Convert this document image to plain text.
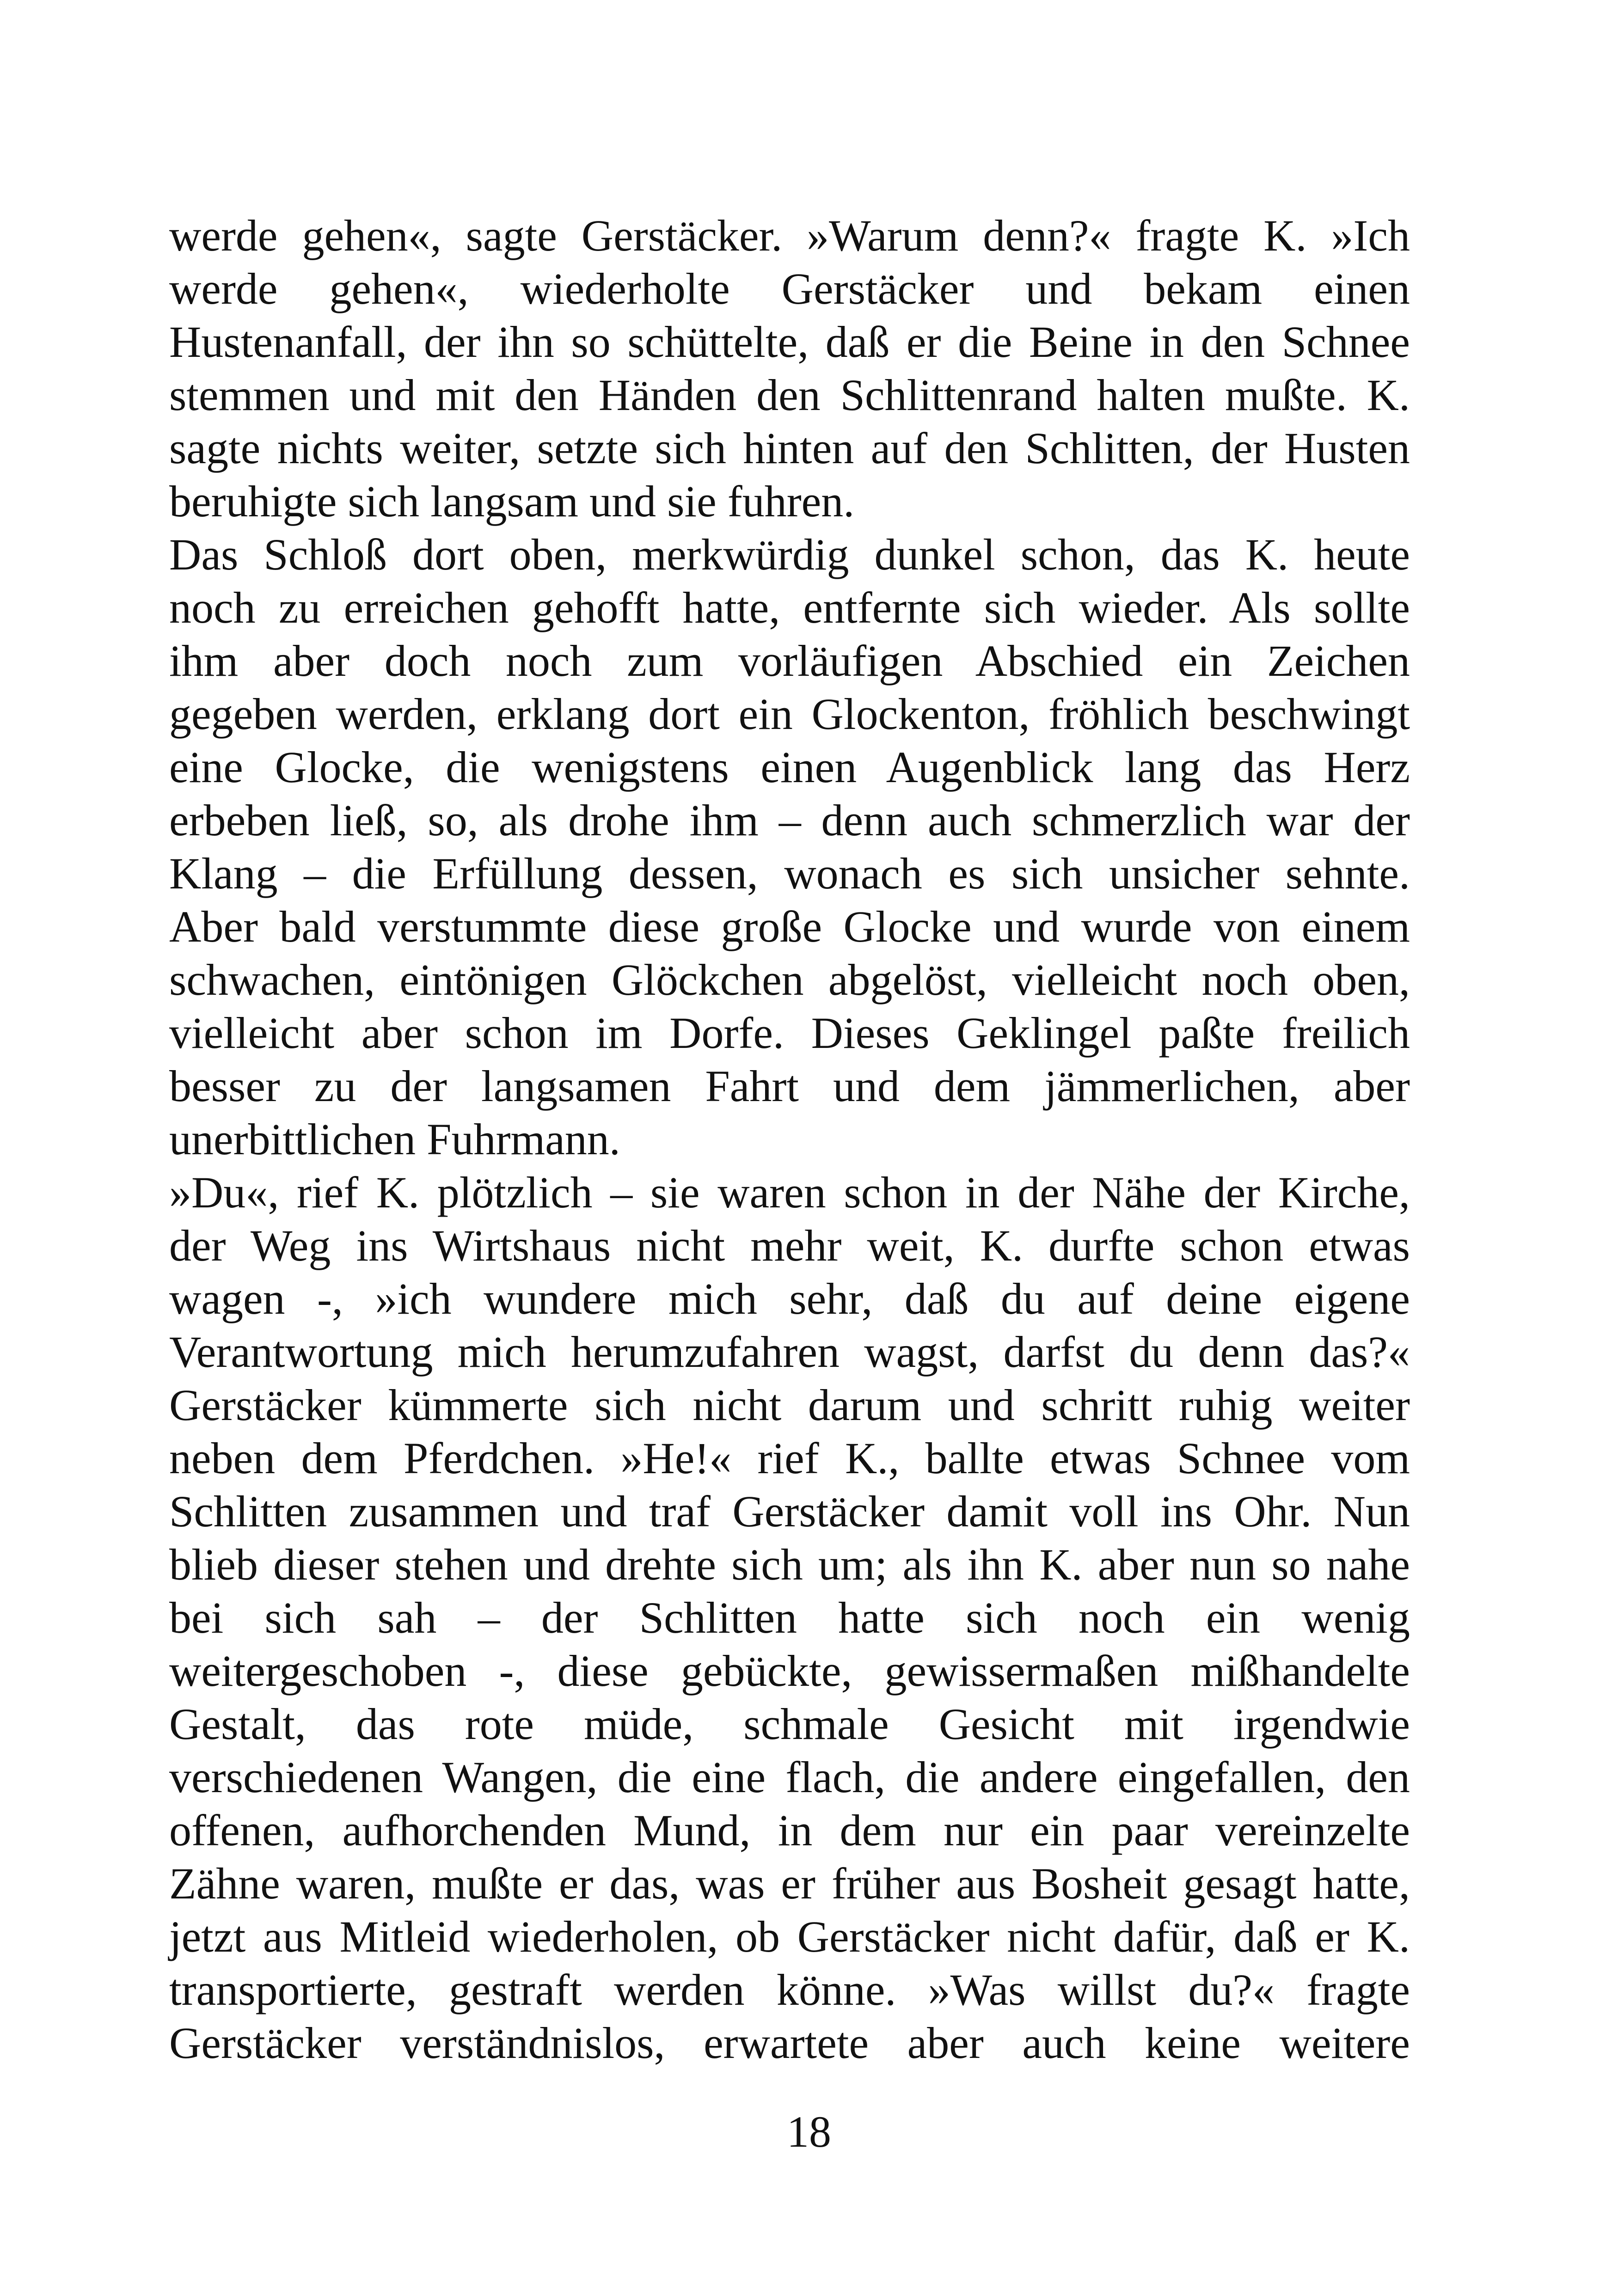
werde gehen«, sagte Gerstäcker. »Warum denn?« fragte K. »Ich
werde gehen«, wiederholte Gerstäcker und bekam einen
Hustenanfall, der ihn so schüttelte, daß er die Beine in den Schnee
stemmen und mit den Händen den Schlittenrand halten mußte. K.
sagte nichts weiter, setzte sich hinten auf den Schlitten, der Husten
beruhigte sich langsam und sie fuhren.
Das Schloß dort oben, merkwürdig dunkel schon, das K. heute
noch zu erreichen gehofft hatte, entfernte sich wieder. Als sollte
ihm aber doch noch zum vorläufigen Abschied ein Zeichen
gegeben werden, erklang dort ein Glockenton, fröhlich beschwingt
eine Glocke, die wenigstens einen Augenblick lang das Herz
erbeben ließ, so, als drohe ihm – denn auch schmerzlich war der
Klang – die Erfüllung dessen, wonach es sich unsicher sehnte.
Aber bald verstummte diese große Glocke und wurde von einem
schwachen, eintönigen Glöckchen abgelöst, vielleicht noch oben,
vielleicht aber schon im Dorfe. Dieses Geklingel paßte freilich
besser zu der langsamen Fahrt und dem jämmerlichen, aber
unerbittlichen Fuhrmann.
»Du«, rief K. plötzlich – sie waren schon in der Nähe der Kirche,
der Weg ins Wirtshaus nicht mehr weit, K. durfte schon etwas
wagen -, »ich wundere mich sehr, daß du auf deine eigene
Verantwortung mich herumzufahren wagst, darfst du denn das?«
Gerstäcker kümmerte sich nicht darum und schritt ruhig weiter
neben dem Pferdchen. »He!« rief K., ballte etwas Schnee vom
Schlitten zusammen und traf Gerstäcker damit voll ins Ohr. Nun
blieb dieser stehen und drehte sich um; als ihn K. aber nun so nahe
bei sich sah – der Schlitten hatte sich noch ein wenig
weitergeschoben -, diese gebückte, gewissermaßen mißhandelte
Gestalt, das rote müde, schmale Gesicht mit irgendwie
verschiedenen Wangen, die eine flach, die andere eingefallen, den
offenen, aufhorchenden Mund, in dem nur ein paar vereinzelte
Zähne waren, mußte er das, was er früher aus Bosheit gesagt hatte,
jetzt aus Mitleid wiederholen, ob Gerstäcker nicht dafür, daß er K.
transportierte, gestraft werden könne. »Was willst du?« fragte
Gerstäcker verständnislos, erwartete aber auch keine weitere
18
